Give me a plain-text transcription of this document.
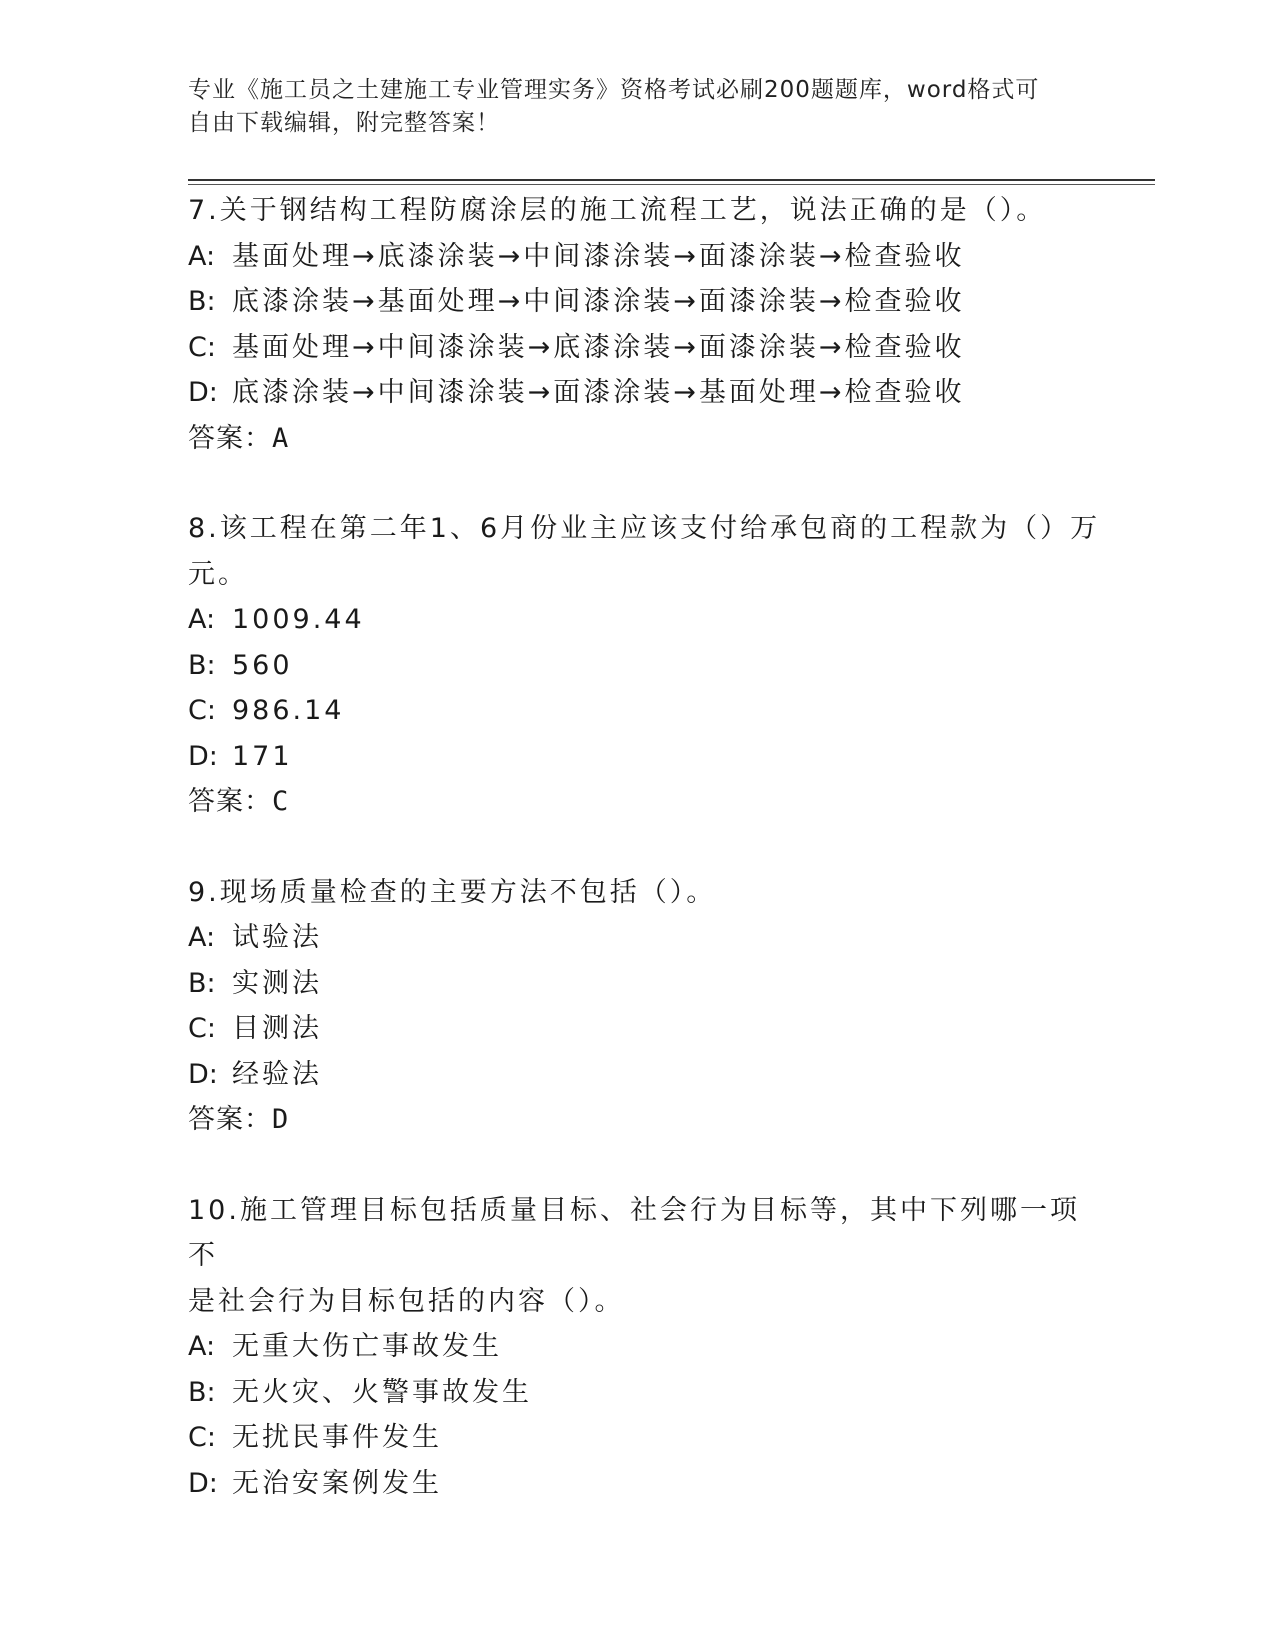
专业《施工员之土建施工专业管理实务》资格考试必刷200题题库，word格式可
自由下载编辑，附完整答案！
7.关于钢结构工程防腐涂层的施工流程工艺，说法正确的是（）。
A: 基面处理→底漆涂装→中间漆涂装→面漆涂装→检查验收
B: 底漆涂装→基面处理→中间漆涂装→面漆涂装→检查验收
C: 基面处理→中间漆涂装→底漆涂装→面漆涂装→检查验收
D: 底漆涂装→中间漆涂装→面漆涂装→基面处理→检查验收
答案：A
8.该工程在第二年1、6月份业主应该支付给承包商的工程款为（）万
元。
A: 1009.44
B: 560
C: 986.14
D: 171
答案：C
9.现场质量检查的主要方法不包括（）。
A: 试验法
B: 实测法
C: 目测法
D: 经验法
答案：D
10.施工管理目标包括质量目标、社会行为目标等，其中下列哪一项不
是社会行为目标包括的内容（）。
A: 无重大伤亡事故发生
B: 无火灾、火警事故发生
C: 无扰民事件发生
D: 无治安案例发生
